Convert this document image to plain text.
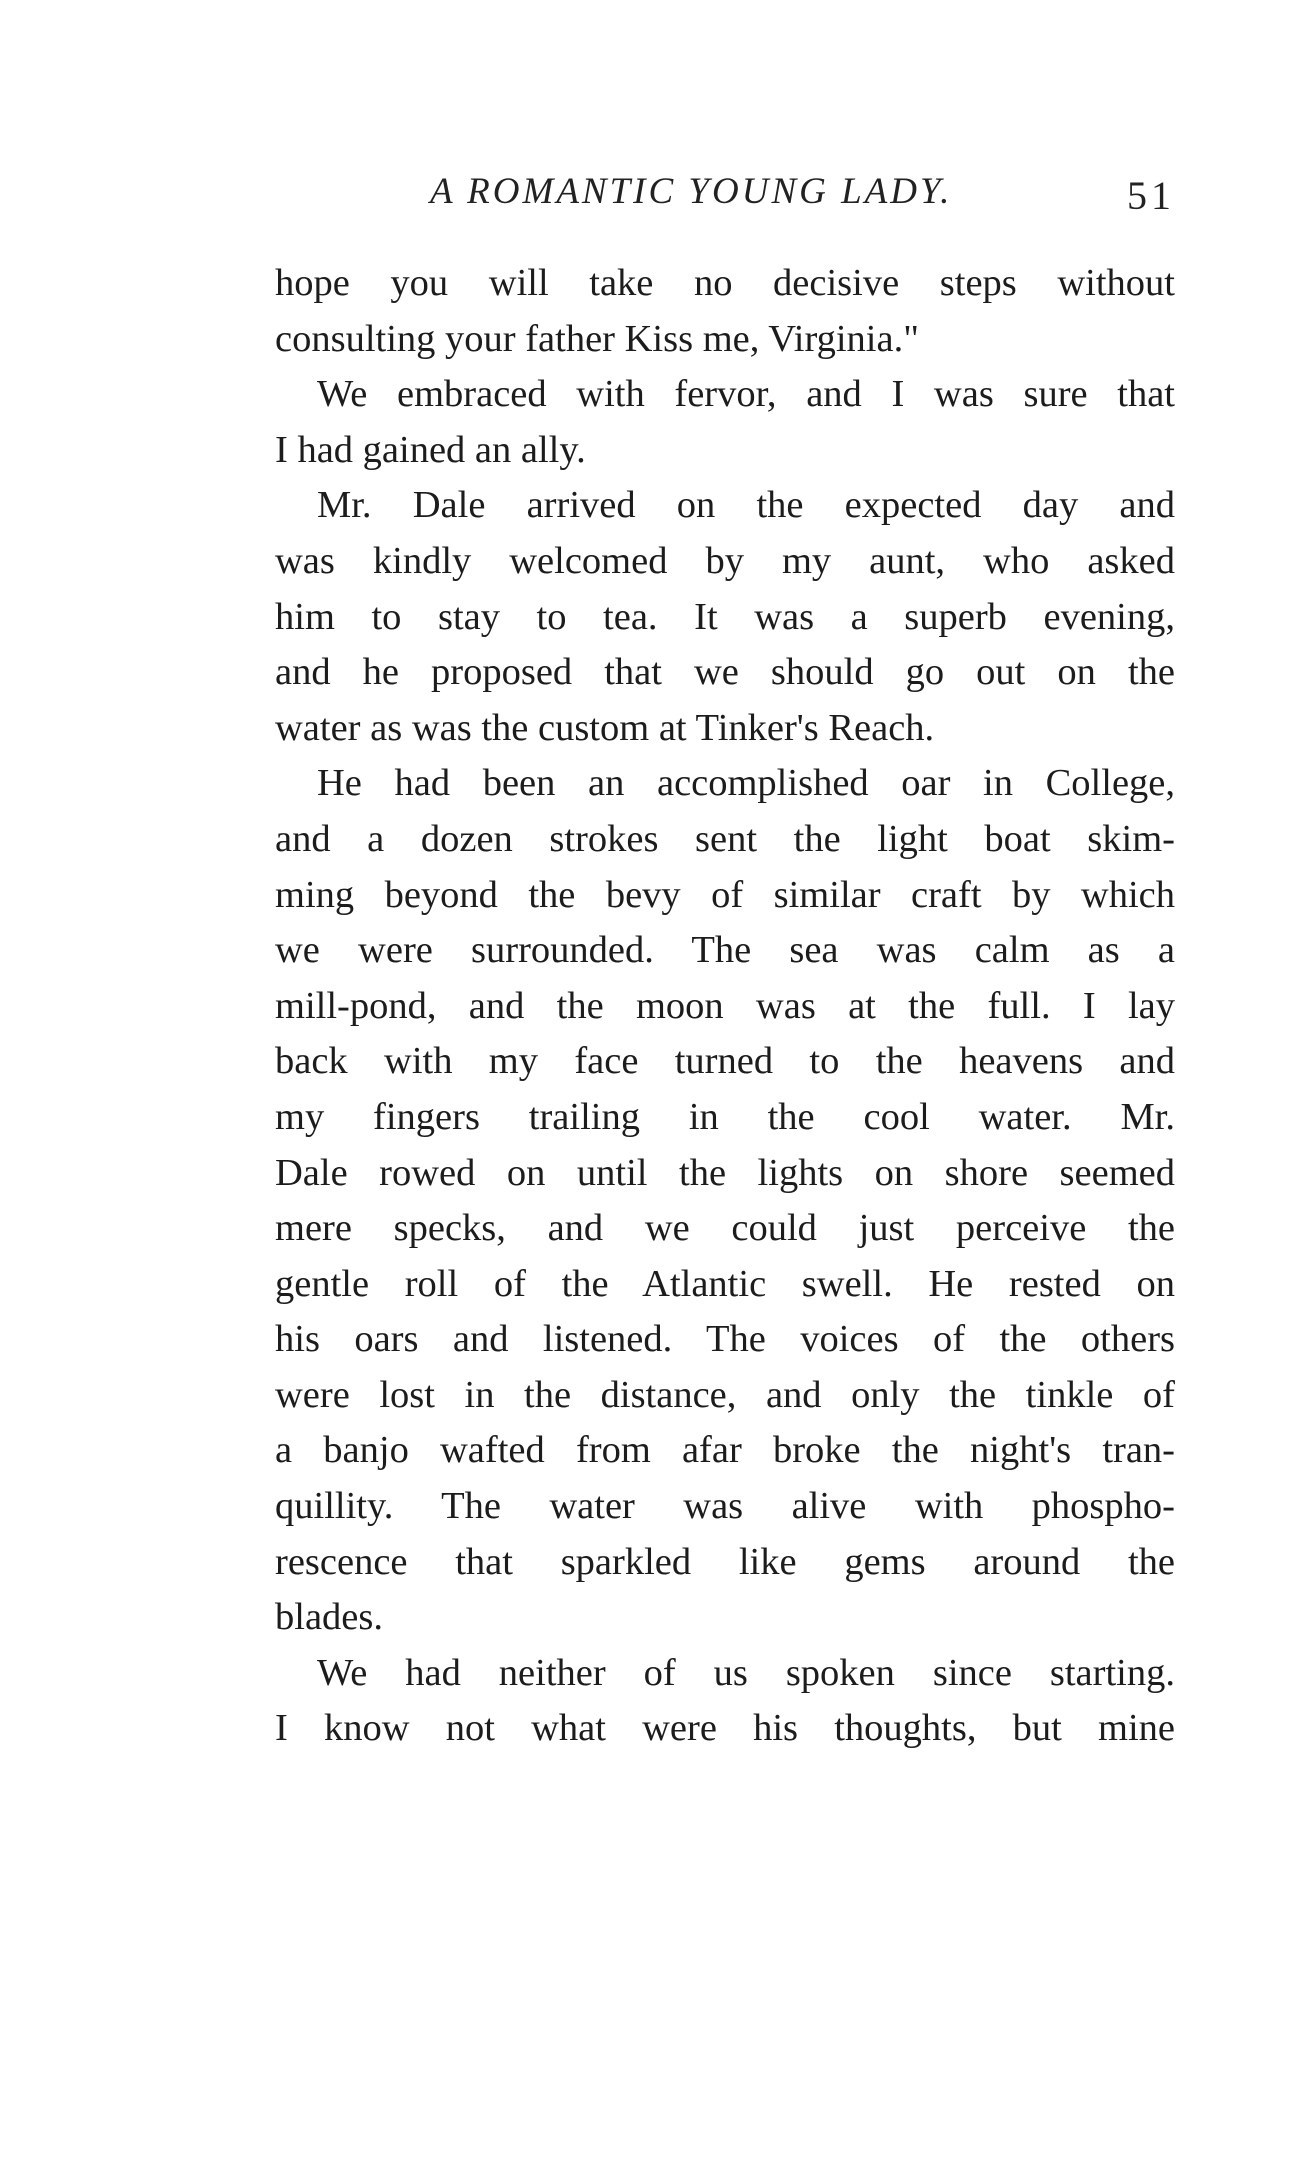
A ROMANTIC YOUNG LADY.	51

hope you will take no decisive steps without
consulting your father Kiss me, Virginia."

We embraced with fervor, and I was sure that
I had gained an ally.

Mr. Dale arrived on the expected day and
was kindly welcomed by my aunt, who asked
him to stay to tea. It was a superb evening,
and he proposed that we should go out on the
water as was the custom at Tinker's Reach.

He had been an accomplished oar in College,
and a dozen strokes sent the light boat skim-
ming beyond the bevy of similar craft by which
we were surrounded. The sea was calm as a
mill-pond, and the moon was at the full. I lay
back with my face turned to the heavens and
my fingers trailing in the cool water. Mr.
Dale rowed on until the lights on shore seemed
mere specks, and we could just perceive the
gentle roll of the Atlantic swell. He rested on
his oars and listened. The voices of the others
were lost in the distance, and only the tinkle of
a banjo wafted from afar broke the night's tran-
quillity. The water was alive with phospho-
rescence that sparkled like gems around the
blades.

We had neither of us spoken since starting.
I know not what were his thoughts, but mine
